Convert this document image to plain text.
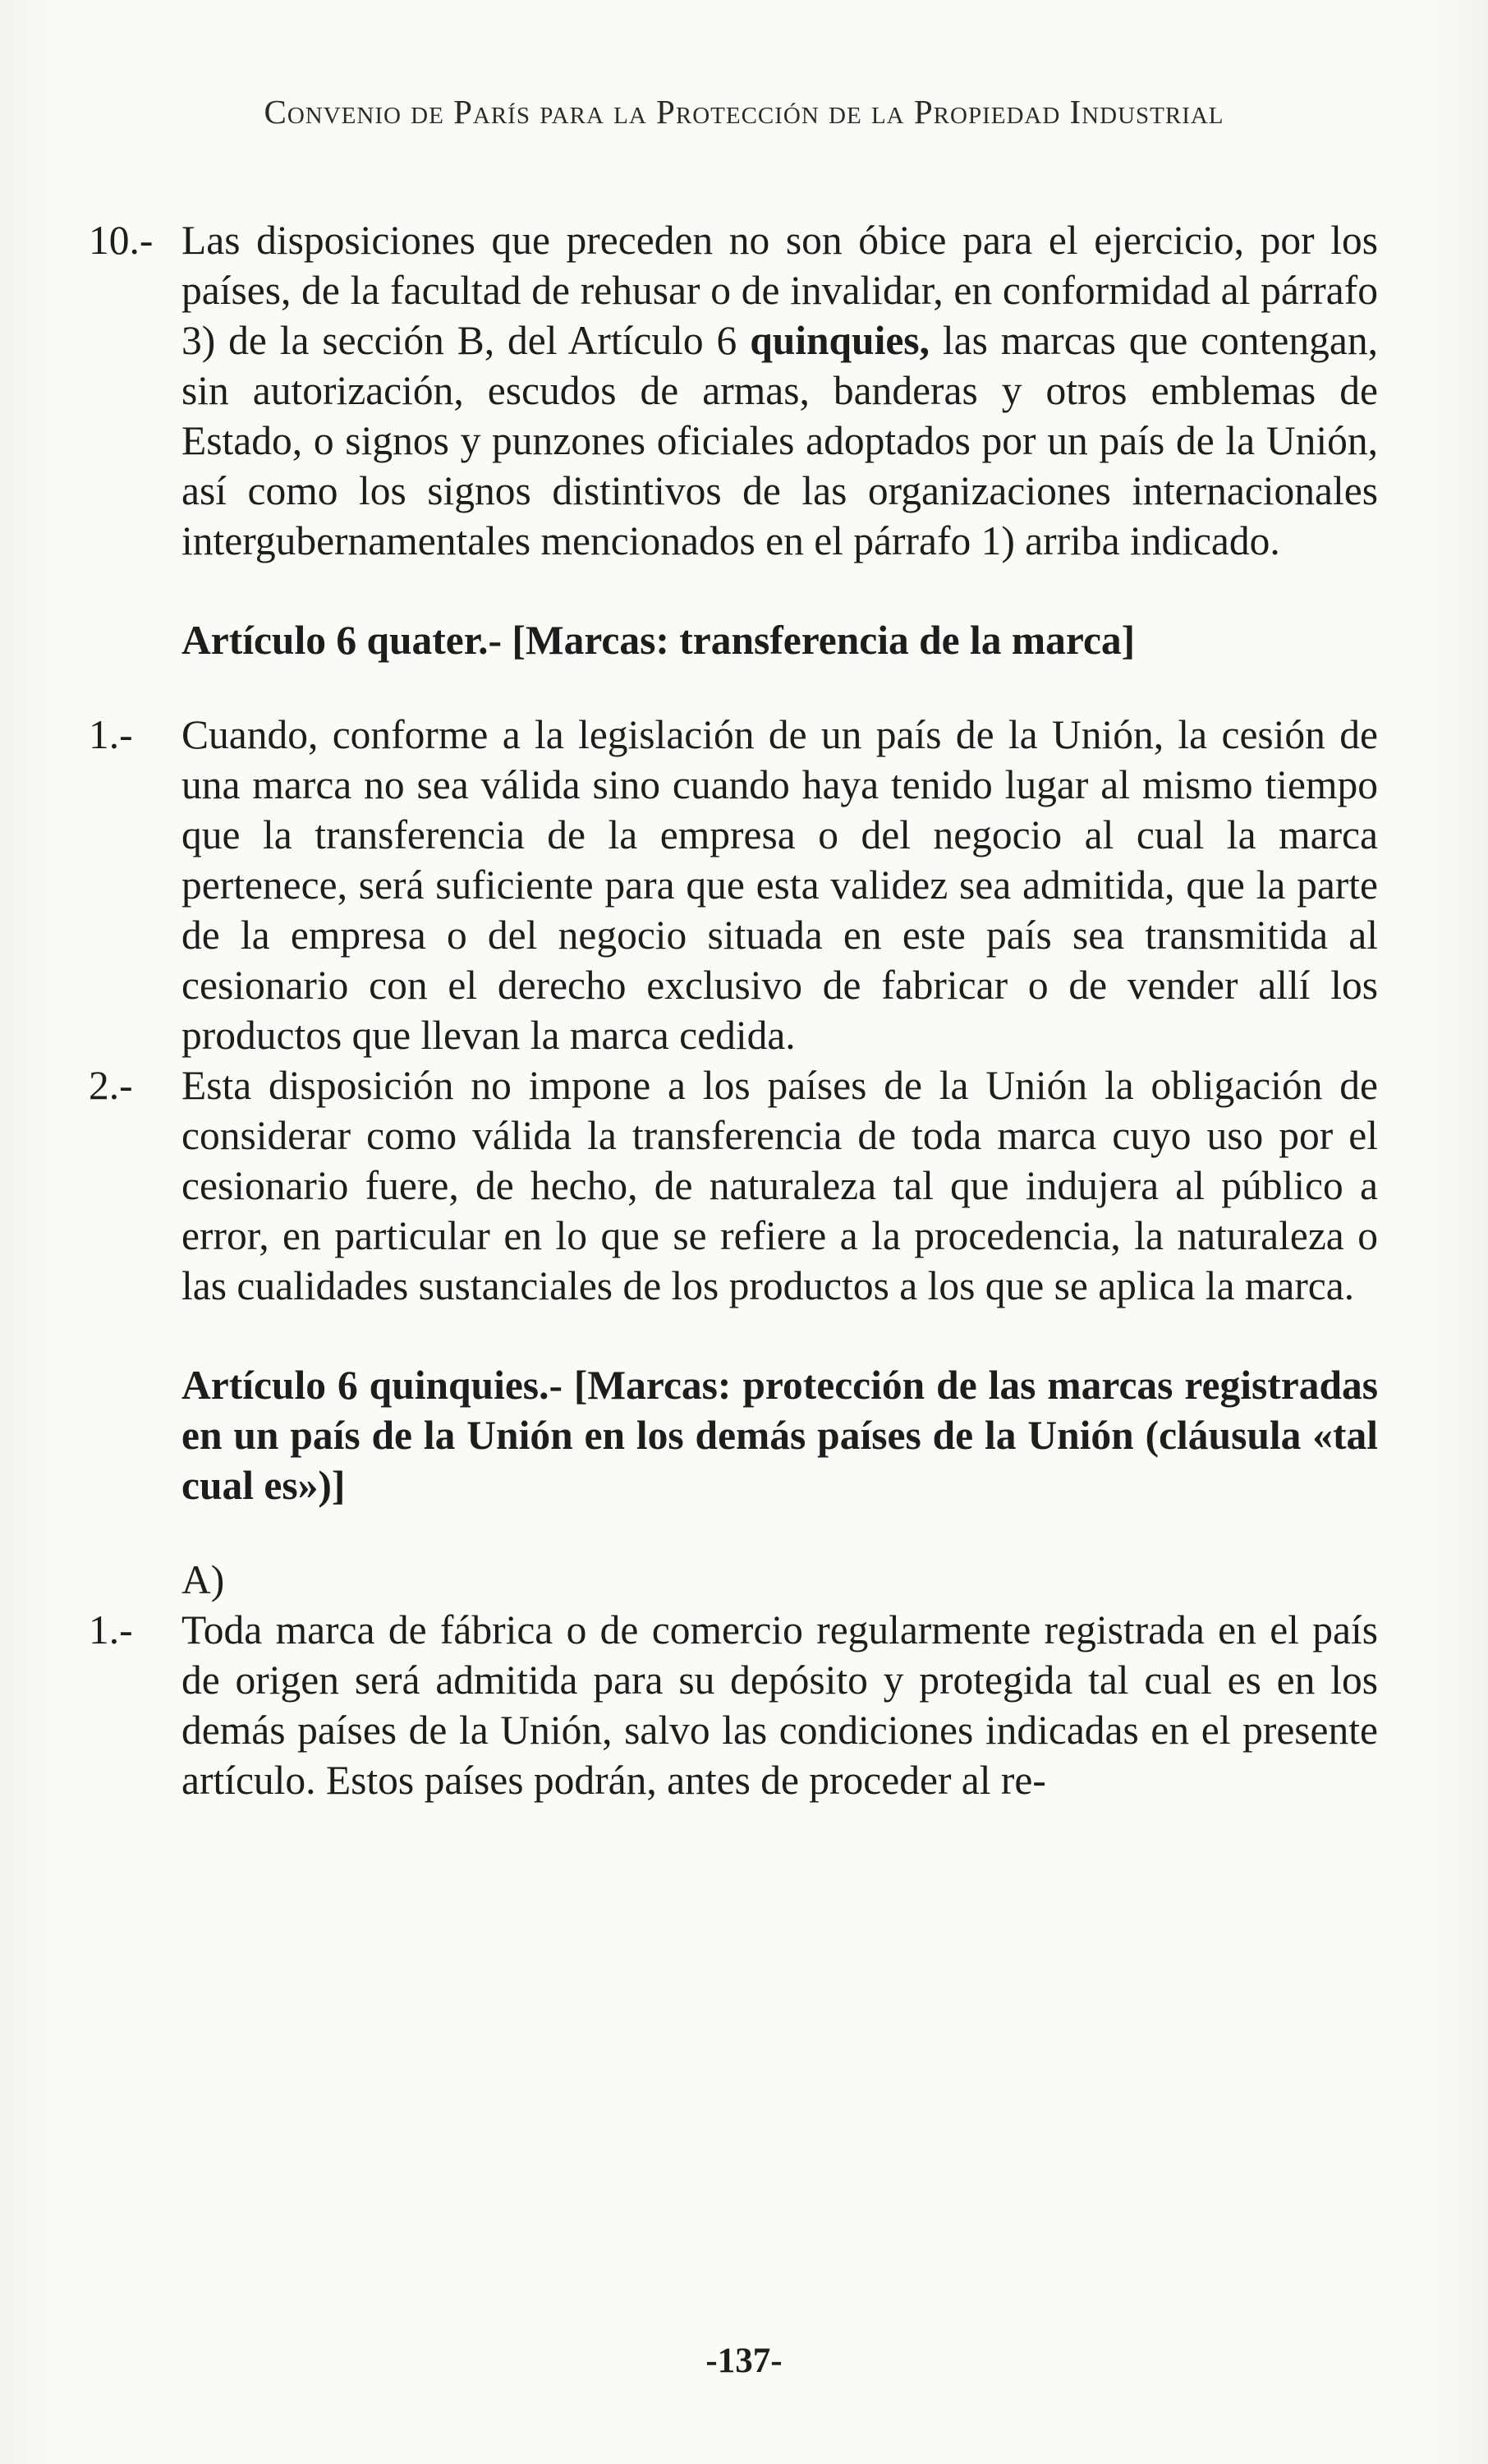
Convenio de París para la Protección de la Propiedad Industrial
10.- Las disposiciones que preceden no son óbice para el ejercicio, por los países, de la facultad de rehusar o de invalidar, en conformidad al párrafo 3) de la sección B, del Artículo 6 quinquies, las marcas que contengan, sin autorización, escudos de armas, banderas y otros emblemas de Estado, o signos y punzones oficiales adoptados por un país de la Unión, así como los signos distintivos de las organizaciones internacionales intergubernamentales mencionados en el párrafo 1) arriba indicado.
Artículo 6 quater.- [Marcas: transferencia de la marca]
1.-	Cuando, conforme a la legislación de un país de la Unión, la cesión de una marca no sea válida sino cuando haya tenido lugar al mismo tiempo que la transferencia de la empresa o del negocio al cual la marca pertenece, será suficiente para que esta validez sea admitida, que la parte de la empresa o del negocio situada en este país sea transmitida al cesionario con el derecho exclusivo de fabricar o de vender allí los productos que llevan la marca cedida.
2.-	Esta disposición no impone a los países de la Unión la obligación de considerar como válida la transferencia de toda marca cuyo uso por el cesionario fuere, de hecho, de naturaleza tal que indujera al público a error, en particular en lo que se refiere a la procedencia, la naturaleza o las cualidades sustanciales de los productos a los que se aplica la marca.
Artículo 6 quinquies.- [Marcas: protección de las marcas registradas en un país de la Unión en los demás países de la Unión (cláusula «tal cual es»)]
A)
1.-	Toda marca de fábrica o de comercio regularmente registrada en el país de origen será admitida para su depósito y protegida tal cual es en los demás países de la Unión, salvo las condiciones indicadas en el presente artículo. Estos países podrán, antes de proceder al re-
-137-
